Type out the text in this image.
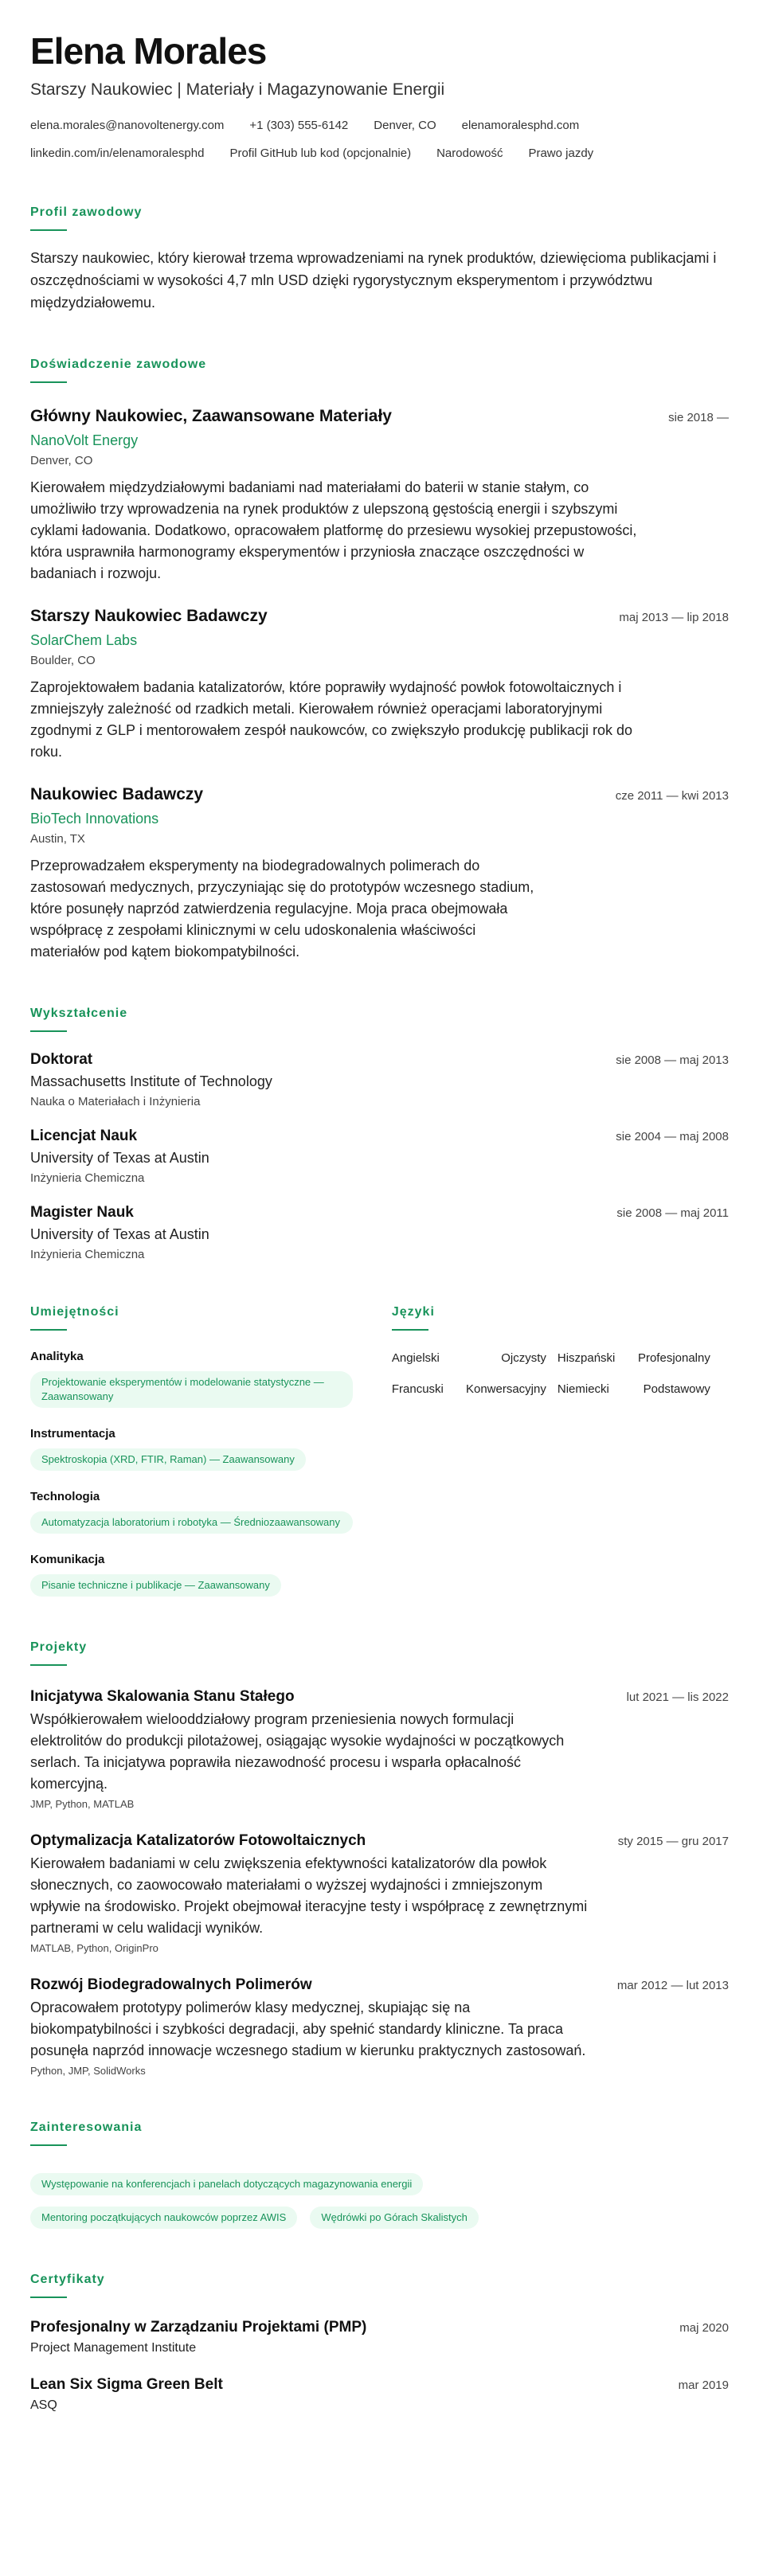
Elena Morales
Starszy Naukowiec | Materiały i Magazynowanie Energii
elena.morales@nanovoltenergy.com +1 (303) 555-6142 Denver, CO elenamoralesphd.com
linkedin.com/in/elenamoralesphd Profil GitHub lub kod (opcjonalnie) Narodowość Prawo jazdy
Profil zawodowy
Starszy naukowiec, który kierował trzema wprowadzeniami na rynek produktów, dziewięcioma publikacjami i oszczędnościami w wysokości 4,7 mln USD dzięki rygorystycznym eksperymentom i przywództwu międzydziałowemu.
Doświadczenie zawodowe
Główny Naukowiec, Zaawansowane Materiały	sie 2018 —
NanoVolt Energy
Denver, CO
Kierowałem międzydziałowymi badaniami nad materiałami do baterii w stanie stałym, co umożliwiło trzy wprowadzenia na rynek produktów z ulepszoną gęstością energii i szybszymi cyklami ładowania. Dodatkowo, opracowałem platformę do przesiewu wysokiej przepustowości, która usprawniła harmonogramy eksperymentów i przyniosła znaczące oszczędności w badaniach i rozwoju.
Starszy Naukowiec Badawczy	maj 2013 — lip 2018
SolarChem Labs
Boulder, CO
Zaprojektowałem badania katalizatorów, które poprawiły wydajność powłok fotowoltaicznych i zmniejszyły zależność od rzadkich metali. Kierowałem również operacjami laboratoryjnymi zgodnymi z GLP i mentorowałem zespół naukowców, co zwiększyło produkcję publikacji rok do roku.
Naukowiec Badawczy	cze 2011 — kwi 2013
BioTech Innovations
Austin, TX
Przeprowadzałem eksperymenty na biodegradowalnych polimerach do zastosowań medycznych, przyczyniając się do prototypów wczesnego stadium, które posunęły naprzód zatwierdzenia regulacyjne. Moja praca obejmowała współpracę z zespołami klinicznymi w celu udoskonalenia właściwości materiałów pod kątem biokompatybilności.
Wykształcenie
Doktorat	sie 2008 — maj 2013
Massachusetts Institute of Technology
Nauka o Materiałach i Inżynieria
Licencjat Nauk	sie 2004 — maj 2008
University of Texas at Austin
Inżynieria Chemiczna
Magister Nauk	sie 2008 — maj 2011
University of Texas at Austin
Inżynieria Chemiczna
Umiejętności
Analityka
Projektowanie eksperymentów i modelowanie statystyczne — Zaawansowany
Instrumentacja
Spektroskopia (XRD, FTIR, Raman) — Zaawansowany
Technologia
Automatyzacja laboratorium i robotyka — Średniozaawansowany
Komunikacja
Pisanie techniczne i publikacje — Zaawansowany
Języki
Angielski	Ojczysty Hiszpański	Profesjonalny
Francuski	Konwersacyjny Niemiecki	Podstawowy
Projekty
Inicjatywa Skalowania Stanu Stałego	lut 2021 — lis 2022
Współkierowałem wielooddziałowy program przeniesienia nowych formulacji elektrolitów do produkcji pilotażowej, osiągając wysokie wydajności w początkowych serlach. Ta inicjatywa poprawiła niezawodność procesu i wsparła opłacalność komercyjną.
JMP, Python, MATLAB
Optymalizacja Katalizatorów Fotowoltaicznych	sty 2015 — gru 2017
Kierowałem badaniami w celu zwiększenia efektywności katalizatorów dla powłok słonecznych, co zaowocowało materiałami o wyższej wydajności i zmniejszonym wpływie na środowisko. Projekt obejmował iteracyjne testy i współpracę z zewnętrznymi partnerami w celu walidacji wyników.
MATLAB, Python, OriginPro
Rozwój Biodegradowalnych Polimerów	mar 2012 — lut 2013
Opracowałem prototypy polimerów klasy medycznej, skupiając się na biokompatybilności i szybkości degradacji, aby spełnić standardy kliniczne. Ta praca posunęła naprzód innowacje wczesnego stadium w kierunku praktycznych zastosowań.
Python, JMP, SolidWorks
Zainteresowania
Występowanie na konferencjach i panelach dotyczących magazynowania energii
Mentoring początkujących naukowców poprzez AWIS	Wędrówki po Górach Skalistych
Certyfikaty
Profesjonalny w Zarządzaniu Projektami (PMP)	maj 2020
Project Management Institute
Lean Six Sigma Green Belt	mar 2019
ASQ
